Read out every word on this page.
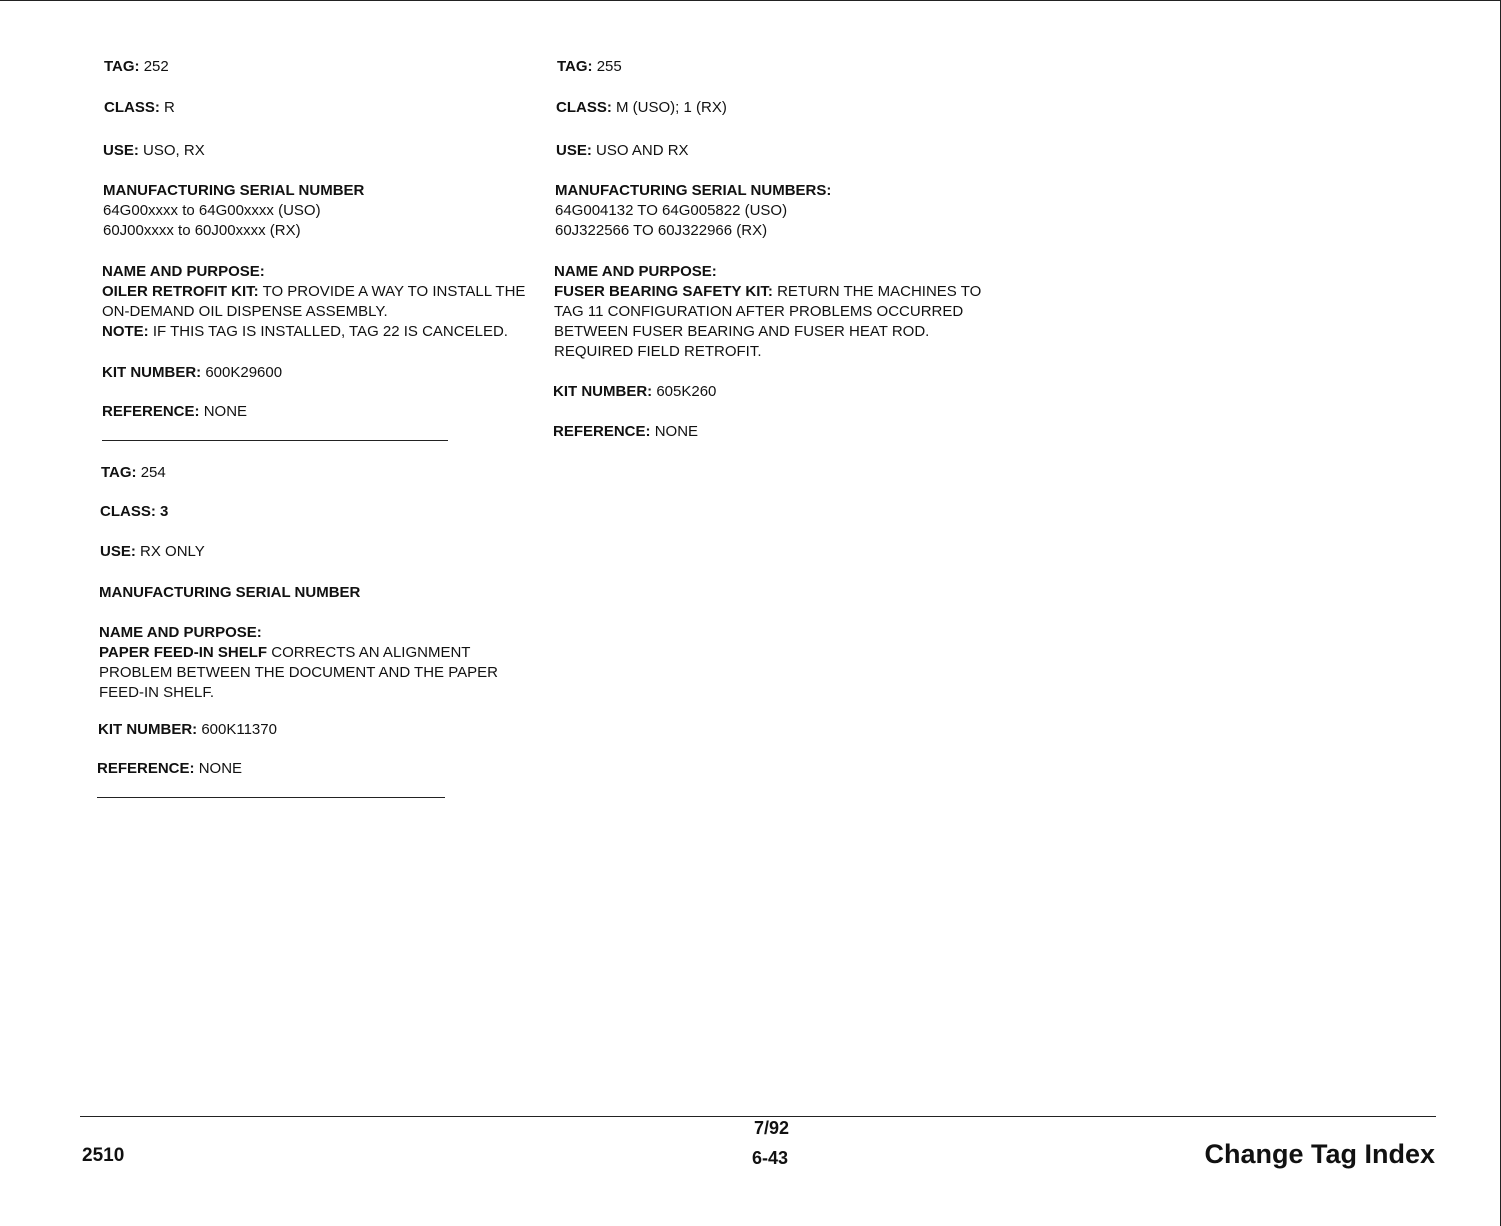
TAG: 252
CLASS: R
USE: USO, RX
MANUFACTURING SERIAL NUMBER
64G00xxxx to 64G00xxxx (USO)
60J00xxxx to 60J00xxxx (RX)
NAME AND PURPOSE:
OILER RETROFIT KIT: TO PROVIDE A WAY TO INSTALL THE
ON-DEMAND OIL DISPENSE ASSEMBLY.
NOTE: IF THIS TAG IS INSTALLED, TAG 22 IS CANCELED.
KIT NUMBER: 600K29600
REFERENCE: NONE
TAG: 254
CLASS: 3
USE: RX ONLY
MANUFACTURING SERIAL NUMBER
NAME AND PURPOSE:
PAPER FEED-IN SHELF CORRECTS AN ALIGNMENT
PROBLEM BETWEEN THE DOCUMENT AND THE PAPER
FEED-IN SHELF.
KIT NUMBER: 600K11370
REFERENCE: NONE
TAG: 255
CLASS: M (USO); 1 (RX)
USE: USO AND RX
MANUFACTURING SERIAL NUMBERS:
64G004132 TO 64G005822 (USO)
60J322566 TO 60J322966 (RX)
NAME AND PURPOSE:
FUSER BEARING SAFETY KIT: RETURN THE MACHINES TO
TAG 11 CONFIGURATION AFTER PROBLEMS OCCURRED
BETWEEN FUSER BEARING AND FUSER HEAT ROD.
REQUIRED FIELD RETROFIT.
KIT NUMBER: 605K260
REFERENCE: NONE
2510
7/92
6-43	Change Tag Index
